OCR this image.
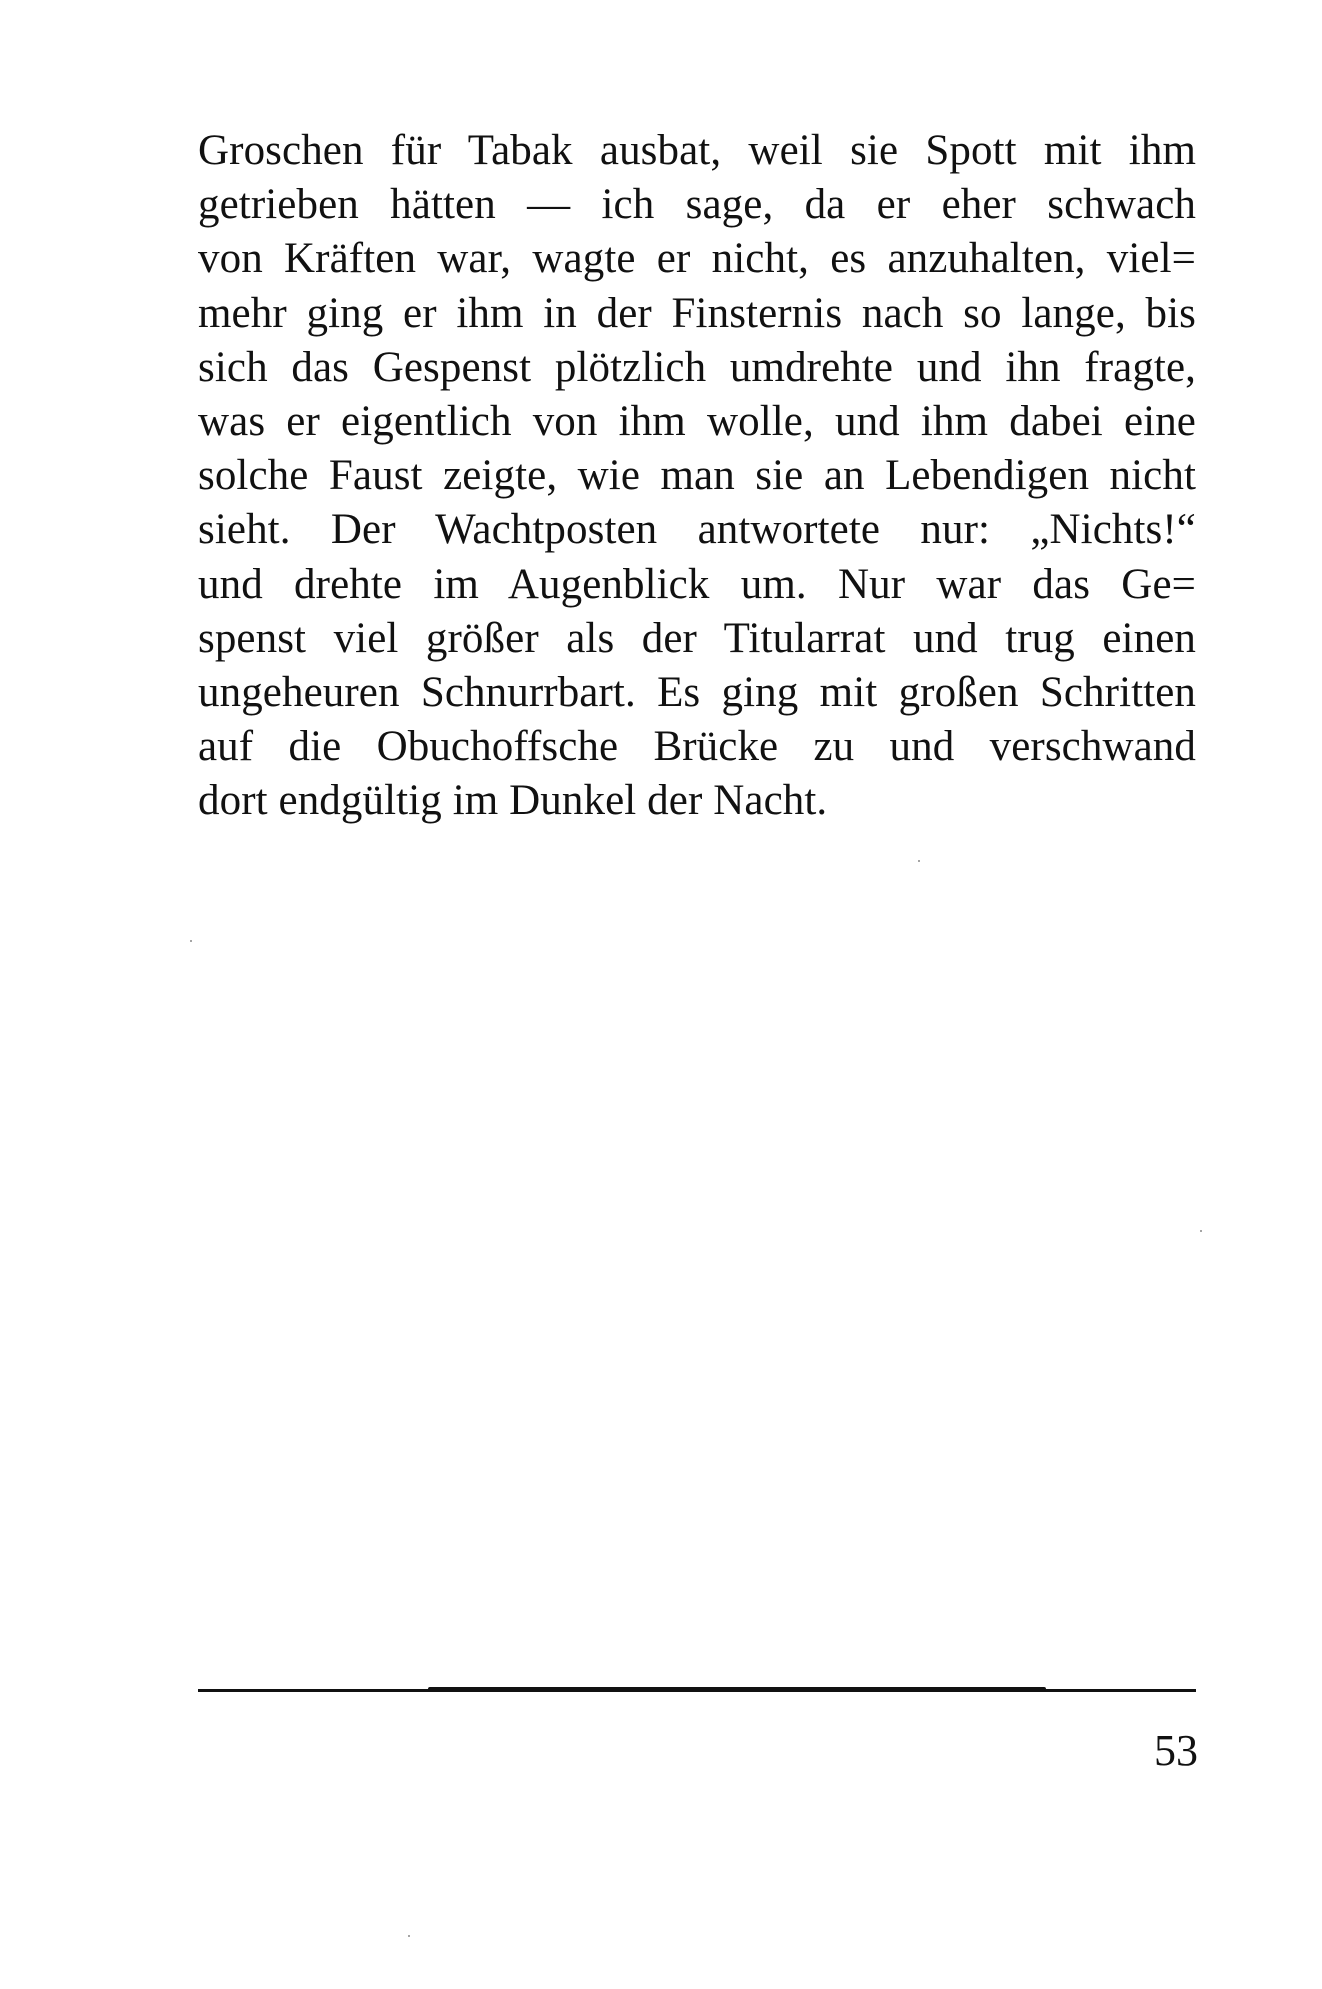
Groschen für Tabak ausbat, weil sie Spott mit ihm
getrieben hätten — ich sage, da er eher schwach
von Kräften war, wagte er nicht, es anzuhalten, viel=
mehr ging er ihm in der Finsternis nach so lange, bis
sich das Gespenst plötzlich umdrehte und ihn fragte,
was er eigentlich von ihm wolle, und ihm dabei eine
solche Faust zeigte, wie man sie an Lebendigen nicht
sieht. Der Wachtposten antwortete nur: „Nichts!“
und drehte im Augenblick um. Nur war das Ge=
spenst viel größer als der Titularrat und trug einen
ungeheuren Schnurrbart. Es ging mit großen Schritten
auf die Obuchoffsche Brücke zu und verschwand
dort endgültig im Dunkel der Nacht.
53
